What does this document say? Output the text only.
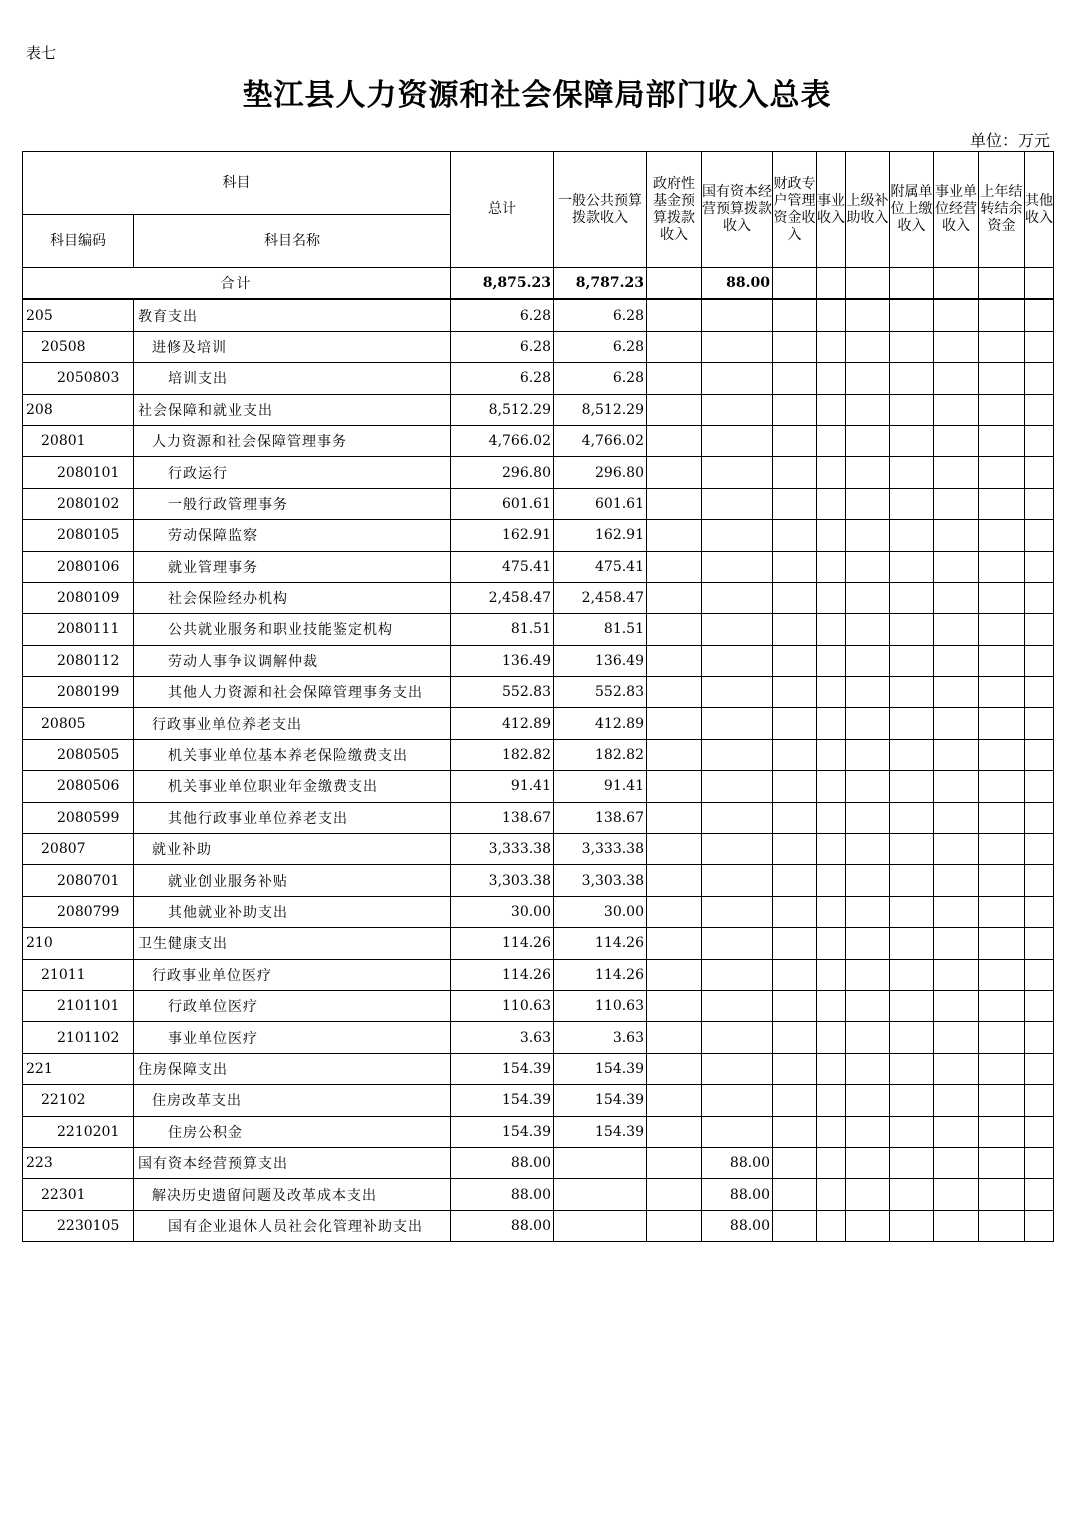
表七
垫江县人力资源和社会保障局部门收入总表
单位：万元
科目		总计	一般公共预算拨款收入	政府性基金预算拨款收入	国有资本经营预算拨款收入	财政专户管理资金收入	事业收入	上级补助收入	附属单位上缴收入	事业单位经营收入	上年结转结余资金	其他收入
科目编码	科目名称											
合计		8,875.23	8,787.23		88.00							
205	教育支出	6.28	6.28									
20508	进修及培训	6.28	6.28									
2050803	培训支出	6.28	6.28									
208	社会保障和就业支出	8,512.29	8,512.29									
20801	人力资源和社会保障管理事务	4,766.02	4,766.02									
2080101	行政运行	296.80	296.80									
2080102	一般行政管理事务	601.61	601.61									
2080105	劳动保障监察	162.91	162.91									
2080106	就业管理事务	475.41	475.41									
2080109	社会保险经办机构	2,458.47	2,458.47									
2080111	公共就业服务和职业技能鉴定机构	81.51	81.51									
2080112	劳动人事争议调解仲裁	136.49	136.49									
2080199	其他人力资源和社会保障管理事务支出	552.83	552.83									
20805	行政事业单位养老支出	412.89	412.89									
2080505	机关事业单位基本养老保险缴费支出	182.82	182.82									
2080506	机关事业单位职业年金缴费支出	91.41	91.41									
2080599	其他行政事业单位养老支出	138.67	138.67									
20807	就业补助	3,333.38	3,333.38									
2080701	就业创业服务补贴	3,303.38	3,303.38									
2080799	其他就业补助支出	30.00	30.00									
210	卫生健康支出	114.26	114.26									
21011	行政事业单位医疗	114.26	114.26									
2101101	行政单位医疗	110.63	110.63									
2101102	事业单位医疗	3.63	3.63									
221	住房保障支出	154.39	154.39									
22102	住房改革支出	154.39	154.39									
2210201	住房公积金	154.39	154.39									
223	国有资本经营预算支出	88.00			88.00							
22301	解决历史遗留问题及改革成本支出	88.00			88.00							
2230105	国有企业退休人员社会化管理补助支出	88.00			88.00							
